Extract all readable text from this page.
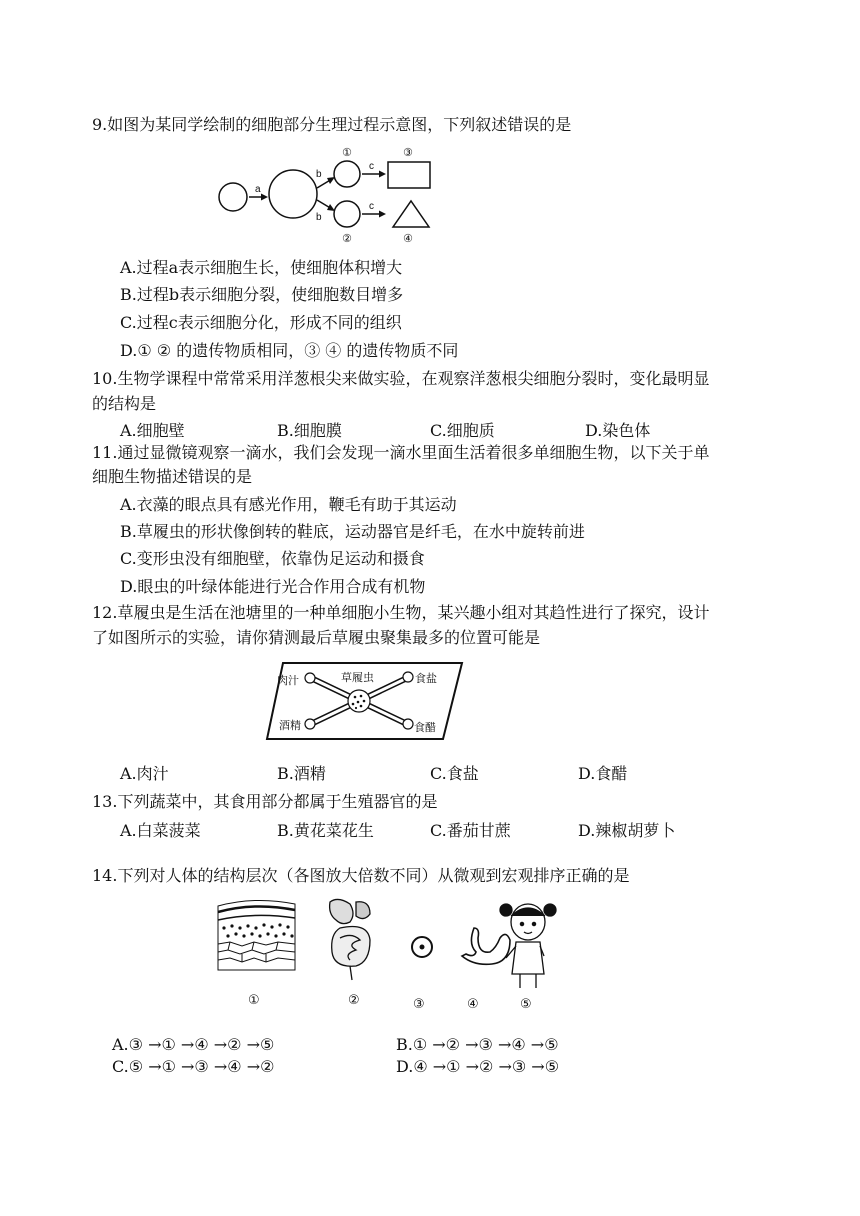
9.如图为某同学绘制的细胞部分生理过程示意图，下列叙述错误的是
a
b
b
c
c
①
②
③
④
A.过程a表示细胞生长，使细胞体积增大
B.过程b表示细胞分裂，使细胞数目增多
C.过程c表示细胞分化，形成不同的组织
D.① ② 的遗传物质相同，③ ④ 的遗传物质不同
10.生物学课程中常常采用洋葱根尖来做实验，在观察洋葱根尖细胞分裂时，变化最明显
的结构是
A.细胞壁	B.细胞膜	C.细胞质	D.染色体
11.通过显微镜观察一滴水，我们会发现一滴水里面生活着很多单细胞生物，以下关于单
细胞生物描述错误的是
A.衣藻的眼点具有感光作用，鞭毛有助于其运动
B.草履虫的形状像倒转的鞋底，运动器官是纤毛，在水中旋转前进
C.变形虫没有细胞壁，依靠伪足运动和摄食
D.眼虫的叶绿体能进行光合作用合成有机物
12.草履虫是生活在池塘里的一种单细胞小生物，某兴趣小组对其趋性进行了探究，设计
了如图所示的实验，请你猜测最后草履虫聚集最多的位置可能是
草履虫
肉汁	食盐
酒精	食醋
A.肉汁	B.酒精	C.食盐	D.食醋
13.下列蔬菜中，其食用部分都属于生殖器官的是
A.白菜菠菜	B.黄花菜花生	C.番茄甘蔗	D.辣椒胡萝卜
14.下列对人体的结构层次（各图放大倍数不同）从微观到宏观排序正确的是
①	②	③	④	⑤
A.③ →① →④ →② →⑤	B.① →② →③ →④ →⑤
C.⑤ →① →③ →④ →②	D.④ →① →② →③ →⑤
